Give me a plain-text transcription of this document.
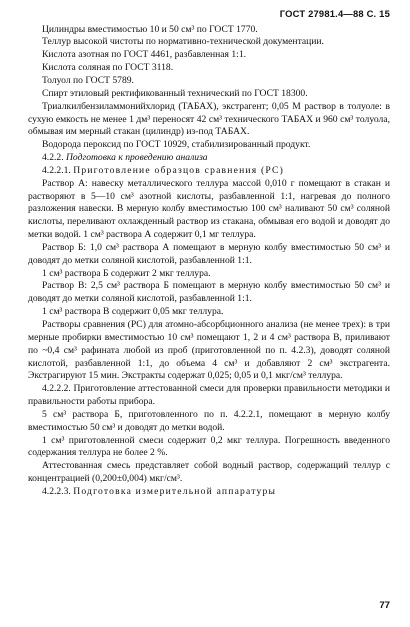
ГОСТ 27981.4—88 С. 15

Цилиндры вместимостью 10 и 50 см³ по ГОСТ 1770.

Теллур высокой чистоты по нормативно-технической документации.

Кислота азотная по ГОСТ 4461, разбавленная 1:1.

Кислота соляная по ГОСТ 3118.

Толуол по ГОСТ 5789.

Спирт этиловый ректификованный технический по ГОСТ 18300.

Триалкилбензиламмонийхлорид (ТАБАХ), экстрагент; 0,05 М раствор в толуоле: в сухую емкость не менее 1 дм³ переносят 42 см³ технического ТАБАХ и 960 см³ толуола, обмывая им мерный стакан (цилиндр) из-под ТАБАХ.

Водорода пероксид по ГОСТ 10929, стабилизированный продукт.

4.2.2. Подготовка к проведению анализа

4.2.2.1. Приготовление образцов сравнения (РС)

Раствор А: навеску металлического теллура массой 0,010 г помещают в стакан и растворяют в 5—10 см³ азотной кислоты, разбавленной 1:1, нагревая до полного разложения навески. В мерную колбу вместимостью 100 см³ наливают 50 см³ соляной кислоты, переливают охлажденный раствор из стакана, обмывая его водой и доводят до метки водой. 1 см³ раствора А содержит 0,1 мг теллура.

Раствор Б: 1,0 см³ раствора А помещают в мерную колбу вместимостью 50 см³ и доводят до метки соляной кислотой, разбавленной 1:1.

1 см³ раствора Б содержит 2 мкг теллура.

Раствор В: 2,5 см³ раствора Б помещают в мерную колбу вместимостью 50 см³ и доводят до метки соляной кислотой, разбавленной 1:1.

1 см³ раствора В содержит 0,05 мкг теллура.

Растворы сравнения (РС) для атомно-абсорбционного анализа (не менее трех): в три мерные пробирки вместимостью 10 см³ помещают 1, 2 и 4 см³ раствора В, приливают по ~0,4 см³ рафината любой из проб (приготовленной по п. 4.2.3), доводят соляной кислотой, разбавленной 1:1, до объема 4 см³ и добавляют 2 см³ экстрагента. Экстрагируют 15 мин. Экстракты содержат 0,025; 0,05 и 0,1 мкг/см³ теллура.

4.2.2.2. Приготовление аттестованной смеси для проверки правильности методики и правильности работы прибора.

5 см³ раствора Б, приготовленного по п. 4.2.2.1, помещают в мерную колбу вместимостью 50 см³ и доводят до метки водой.

1 см³ приготовленной смеси содержит 0,2 мкг теллура. Погрешность введенного содержания теллура не более 2 %.

Аттестованная смесь представляет собой водный раствор, содержащий теллур с концентрацией (0,200±0,004) мкг/см³.

4.2.2.3. Подготовка измерительной аппаратуры

77
